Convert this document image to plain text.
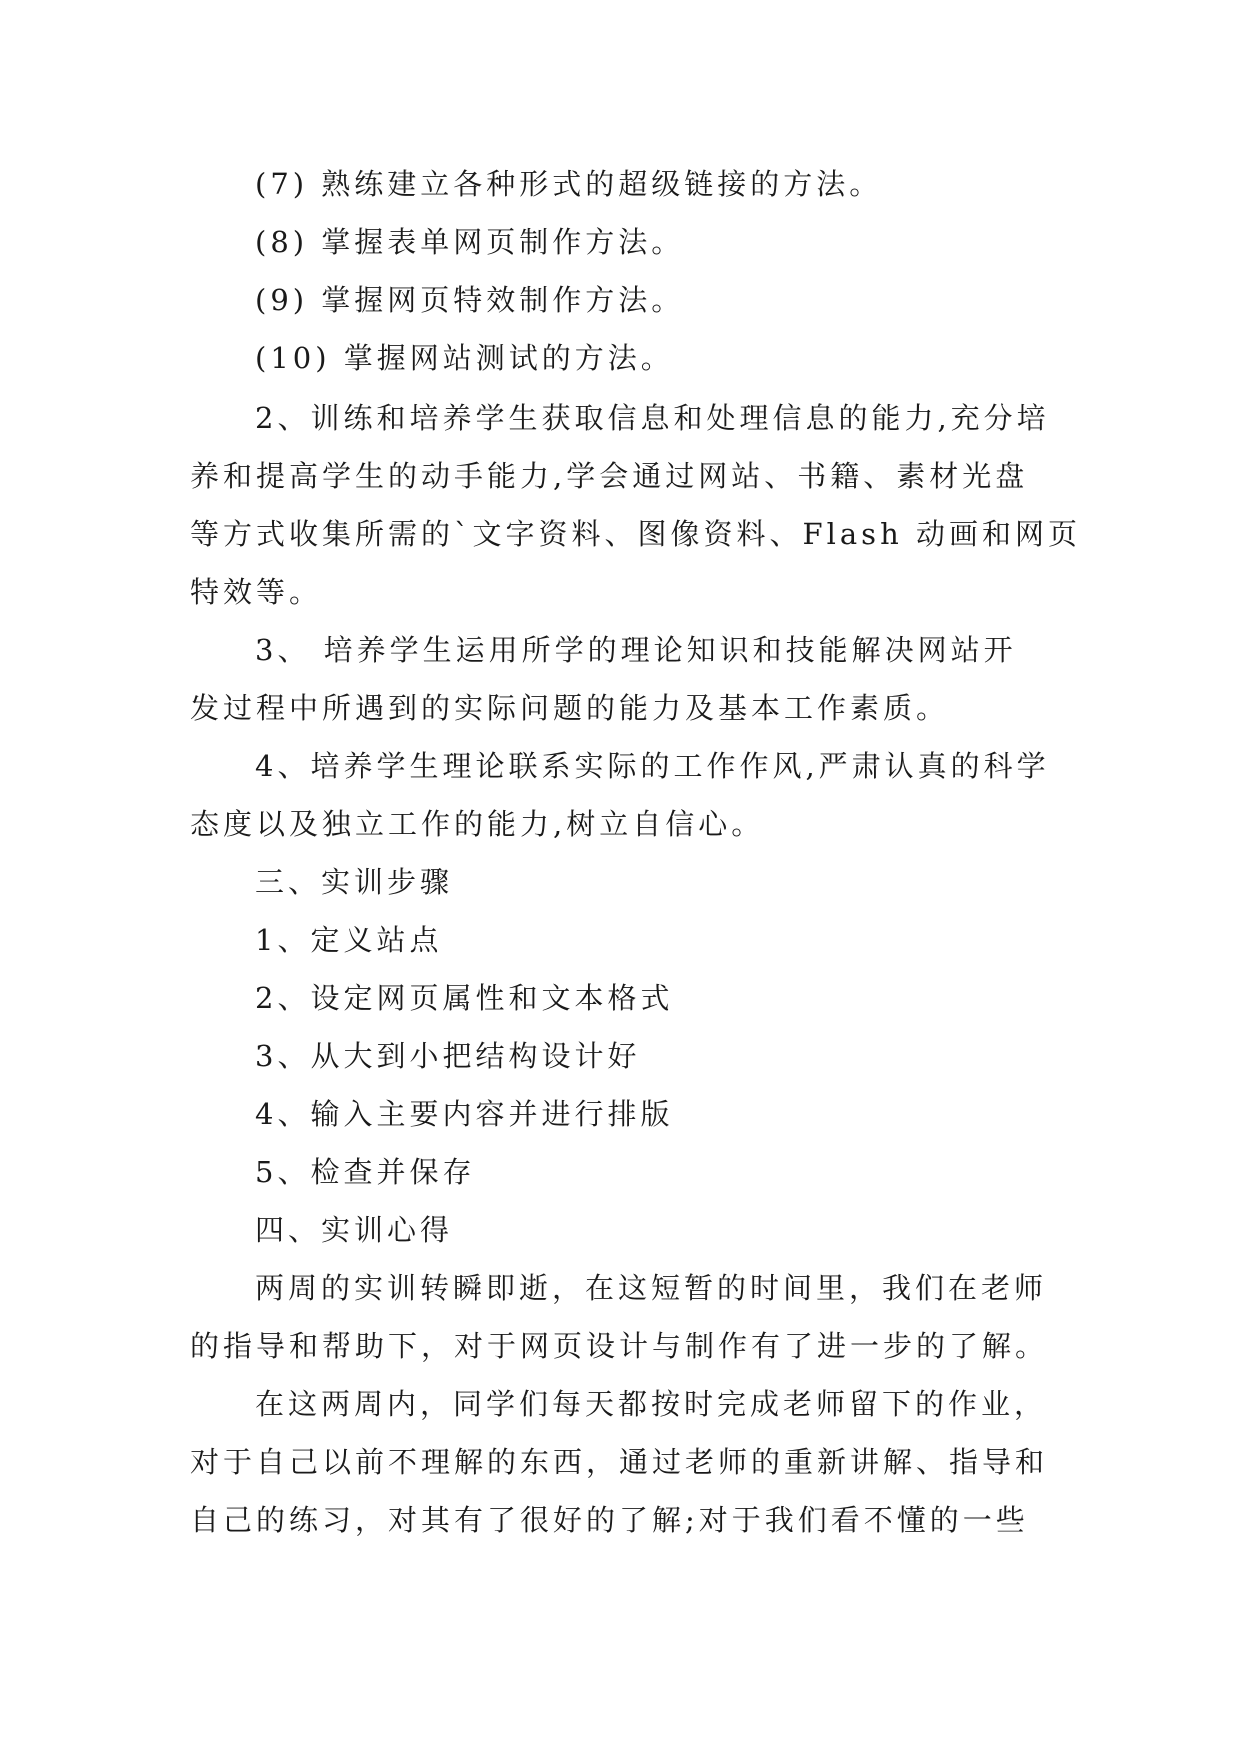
(7) 熟练建立各种形式的超级链接的方法。
(8) 掌握表单网页制作方法。
(9) 掌握网页特效制作方法。
(10) 掌握网站测试的方法。
2、训练和培养学生获取信息和处理信息的能力,充分培
养和提高学生的动手能力,学会通过网站、书籍、素材光盘
等方式收集所需的`文字资料、图像资料、Flash 动画和网页
特效等。
3、 培养学生运用所学的理论知识和技能解决网站开
发过程中所遇到的实际问题的能力及基本工作素质。
4、培养学生理论联系实际的工作作风,严肃认真的科学
态度以及独立工作的能力,树立自信心。
三、实训步骤
1、定义站点
2、设定网页属性和文本格式
3、从大到小把结构设计好
4、输入主要内容并进行排版
5、检查并保存
四、实训心得
两周的实训转瞬即逝，在这短暂的时间里，我们在老师
的指导和帮助下，对于网页设计与制作有了进一步的了解。
在这两周内，同学们每天都按时完成老师留下的作业，
对于自己以前不理解的东西，通过老师的重新讲解、指导和
自己的练习，对其有了很好的了解;对于我们看不懂的一些
